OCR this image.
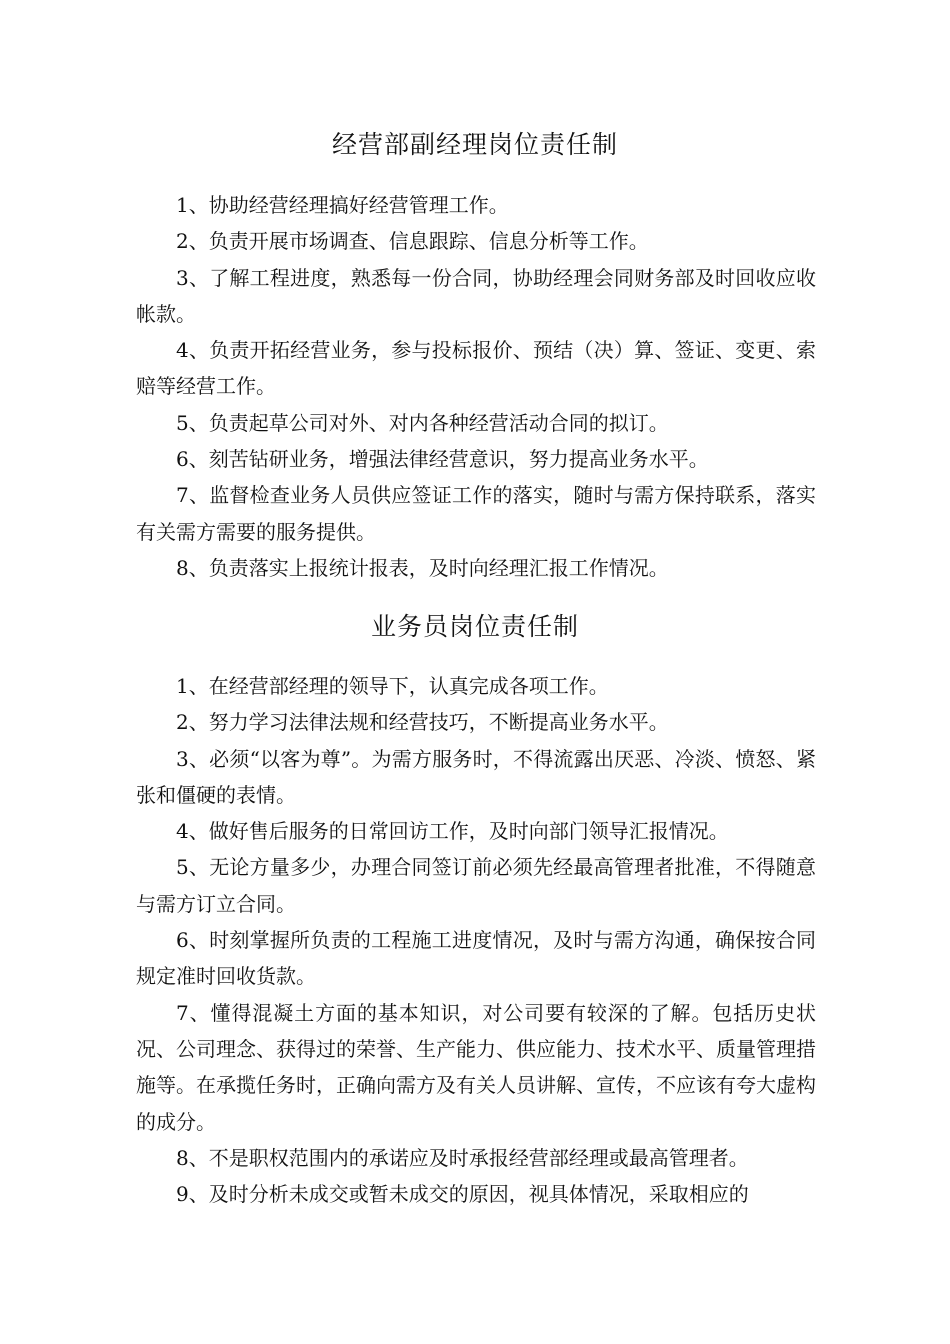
经营部副经理岗位责任制

1、协助经营经理搞好经营管理工作。

2、负责开展市场调查、信息跟踪、信息分析等工作。

3、了解工程进度，熟悉每一份合同，协助经理会同财务部及时回收应收帐款。

4、负责开拓经营业务，参与投标报价、预结（决）算、签证、变更、索赔等经营工作。

5、负责起草公司对外、对内各种经营活动合同的拟订。

6、刻苦钻研业务，增强法律经营意识，努力提高业务水平。

7、监督检查业务人员供应签证工作的落实，随时与需方保持联系，落实有关需方需要的服务提供。

8、负责落实上报统计报表，及时向经理汇报工作情况。

业务员岗位责任制

1、在经营部经理的领导下，认真完成各项工作。

2、努力学习法律法规和经营技巧，不断提高业务水平。

3、必须“以客为尊”。为需方服务时，不得流露出厌恶、冷淡、愤怒、紧张和僵硬的表情。

4、做好售后服务的日常回访工作，及时向部门领导汇报情况。

5、无论方量多少，办理合同签订前必须先经最高管理者批准，不得随意与需方订立合同。

6、时刻掌握所负责的工程施工进度情况，及时与需方沟通，确保按合同规定准时回收货款。

7、懂得混凝土方面的基本知识，对公司要有较深的了解。包括历史状况、公司理念、获得过的荣誉、生产能力、供应能力、技术水平、质量管理措施等。在承揽任务时，正确向需方及有关人员讲解、宣传，不应该有夸大虚构的成分。

8、不是职权范围内的承诺应及时承报经营部经理或最高管理者。

9、及时分析未成交或暂未成交的原因，视具体情况，采取相应的
